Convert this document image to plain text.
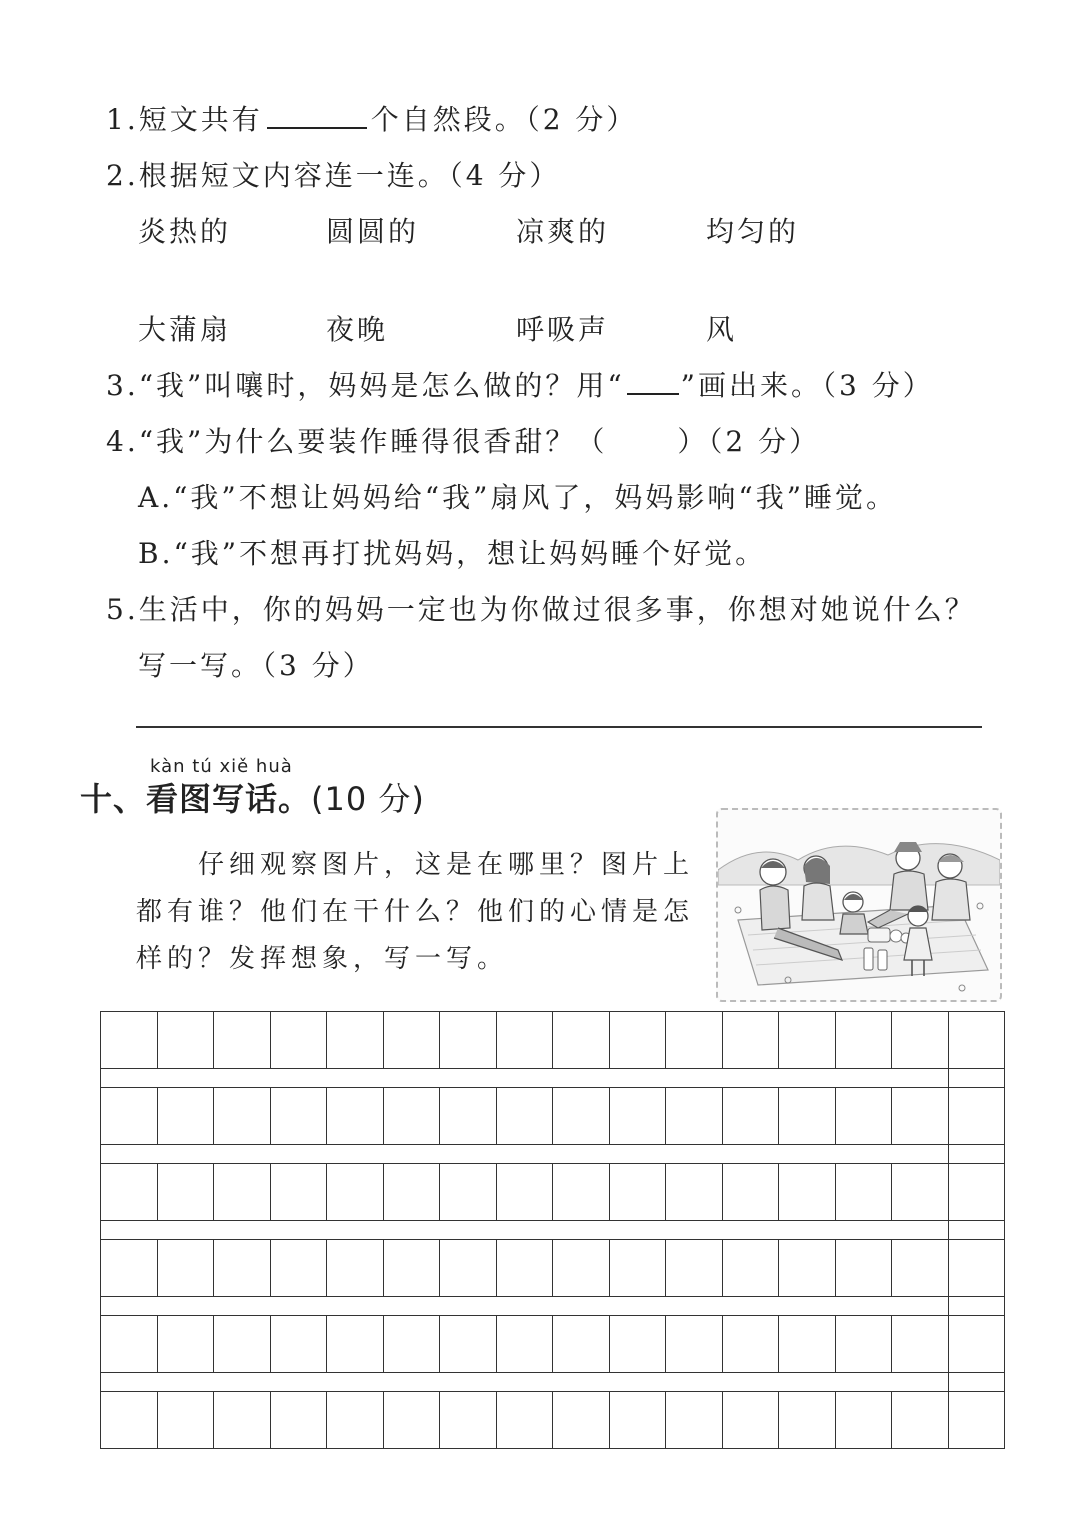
1.短文共有	个自然段。（2 分）
2.根据短文内容连一连。（4 分）
炎热的	圆圆的	凉爽的	均匀的
大蒲扇	夜晚	呼吸声	风
3.“我”叫嚷时，妈妈是怎么做的？用“ ”画出来。（3 分）
4.“我”为什么要装作睡得很香甜？（	）（2 分）
A.“我”不想让妈妈给“我”扇风了，妈妈影响“我”睡觉。
B.“我”不想再打扰妈妈，想让妈妈睡个好觉。
5.生活中，你的妈妈一定也为你做过很多事，你想对她说什么？
写一写。（3 分）
kàn tú xiě huà
十、看图写话。(10 分)
仔细观察图片，这是在哪里？图片上都有谁？他们在干什么？他们的心情是怎样的？发挥想象，写一写。
